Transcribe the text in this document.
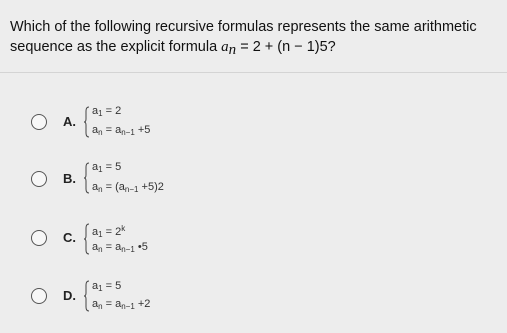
Which of the following recursive formulas represents the same arithmetic
sequence as the explicit formula $a_n = 2 + (n - 1)5$?
A.
$a_1 = 2$
$a_n = a_{n-1} +5$
B.
$a_1 = 5$
$a_n = (a_{n-1} +5)2$
C. $a_1 = 2^k$
$a_n = a_{n-1}$ •5
D.
$a_1 = 5$
$a_n = a_{n-1} +2$
